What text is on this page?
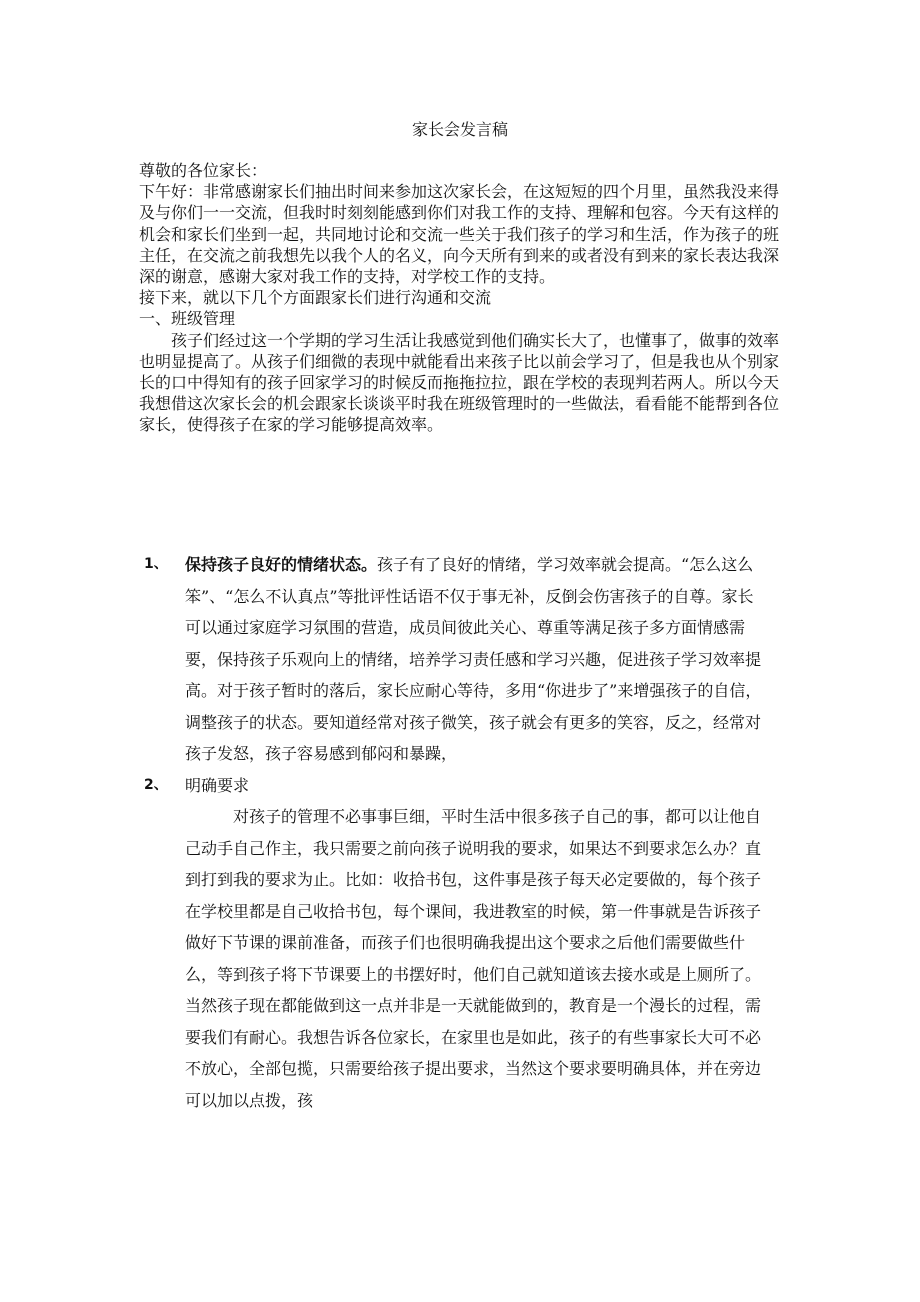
家长会发言稿

尊敬的各位家长：

下午好：非常感谢家长们抽出时间来参加这次家长会，在这短短的四个月里，虽然我没来得及与你们一一交流，但我时时刻刻能感到你们对我工作的支持、理解和包容。今天有这样的机会和家长们坐到一起，共同地讨论和交流一些关于我们孩子的学习和生活，作为孩子的班主任，在交流之前我想先以我个人的名义，向今天所有到来的或者没有到来的家长表达我深深的谢意，感谢大家对我工作的支持，对学校工作的支持。

接下来，就以下几个方面跟家长们进行沟通和交流

一、班级管理

孩子们经过这一个学期的学习生活让我感觉到他们确实长大了，也懂事了，做事的效率也明显提高了。从孩子们细微的表现中就能看出来孩子比以前会学习了，但是我也从个别家长的口中得知有的孩子回家学习的时候反而拖拖拉拉，跟在学校的表现判若两人。所以今天我想借这次家长会的机会跟家长谈谈平时我在班级管理时的一些做法，看看能不能帮到各位家长，使得孩子在家的学习能够提高效率。

1、 保持孩子良好的情绪状态。孩子有了良好的情绪，学习效率就会提高。“怎么这么笨”、“怎么不认真点”等批评性话语不仅于事无补，反倒会伤害孩子的自尊。家长可以通过家庭学习氛围的营造，成员间彼此关心、尊重等满足孩子多方面情感需要，保持孩子乐观向上的情绪，培养学习责任感和学习兴趣，促进孩子学习效率提高。对于孩子暂时的落后，家长应耐心等待，多用“你进步了”来增强孩子的自信，调整孩子的状态。要知道经常对孩子微笑，孩子就会有更多的笑容，反之，经常对孩子发怒，孩子容易感到郁闷和暴躁，

2、 明确要求

对孩子的管理不必事事巨细，平时生活中很多孩子自己的事，都可以让他自己动手自己作主，我只需要之前向孩子说明我的要求，如果达不到要求怎么办？直到打到我的要求为止。比如：收拾书包，这件事是孩子每天必定要做的，每个孩子在学校里都是自己收拾书包，每个课间，我进教室的时候，第一件事就是告诉孩子做好下节课的课前准备，而孩子们也很明确我提出这个要求之后他们需要做些什么，等到孩子将下节课要上的书摆好时，他们自己就知道该去接水或是上厕所了。当然孩子现在都能做到这一点并非是一天就能做到的，教育是一个漫长的过程，需要我们有耐心。我想告诉各位家长，在家里也是如此，孩子的有些事家长大可不必不放心，全部包揽，只需要给孩子提出要求，当然这个要求要明确具体，并在旁边可以加以点拨，孩
